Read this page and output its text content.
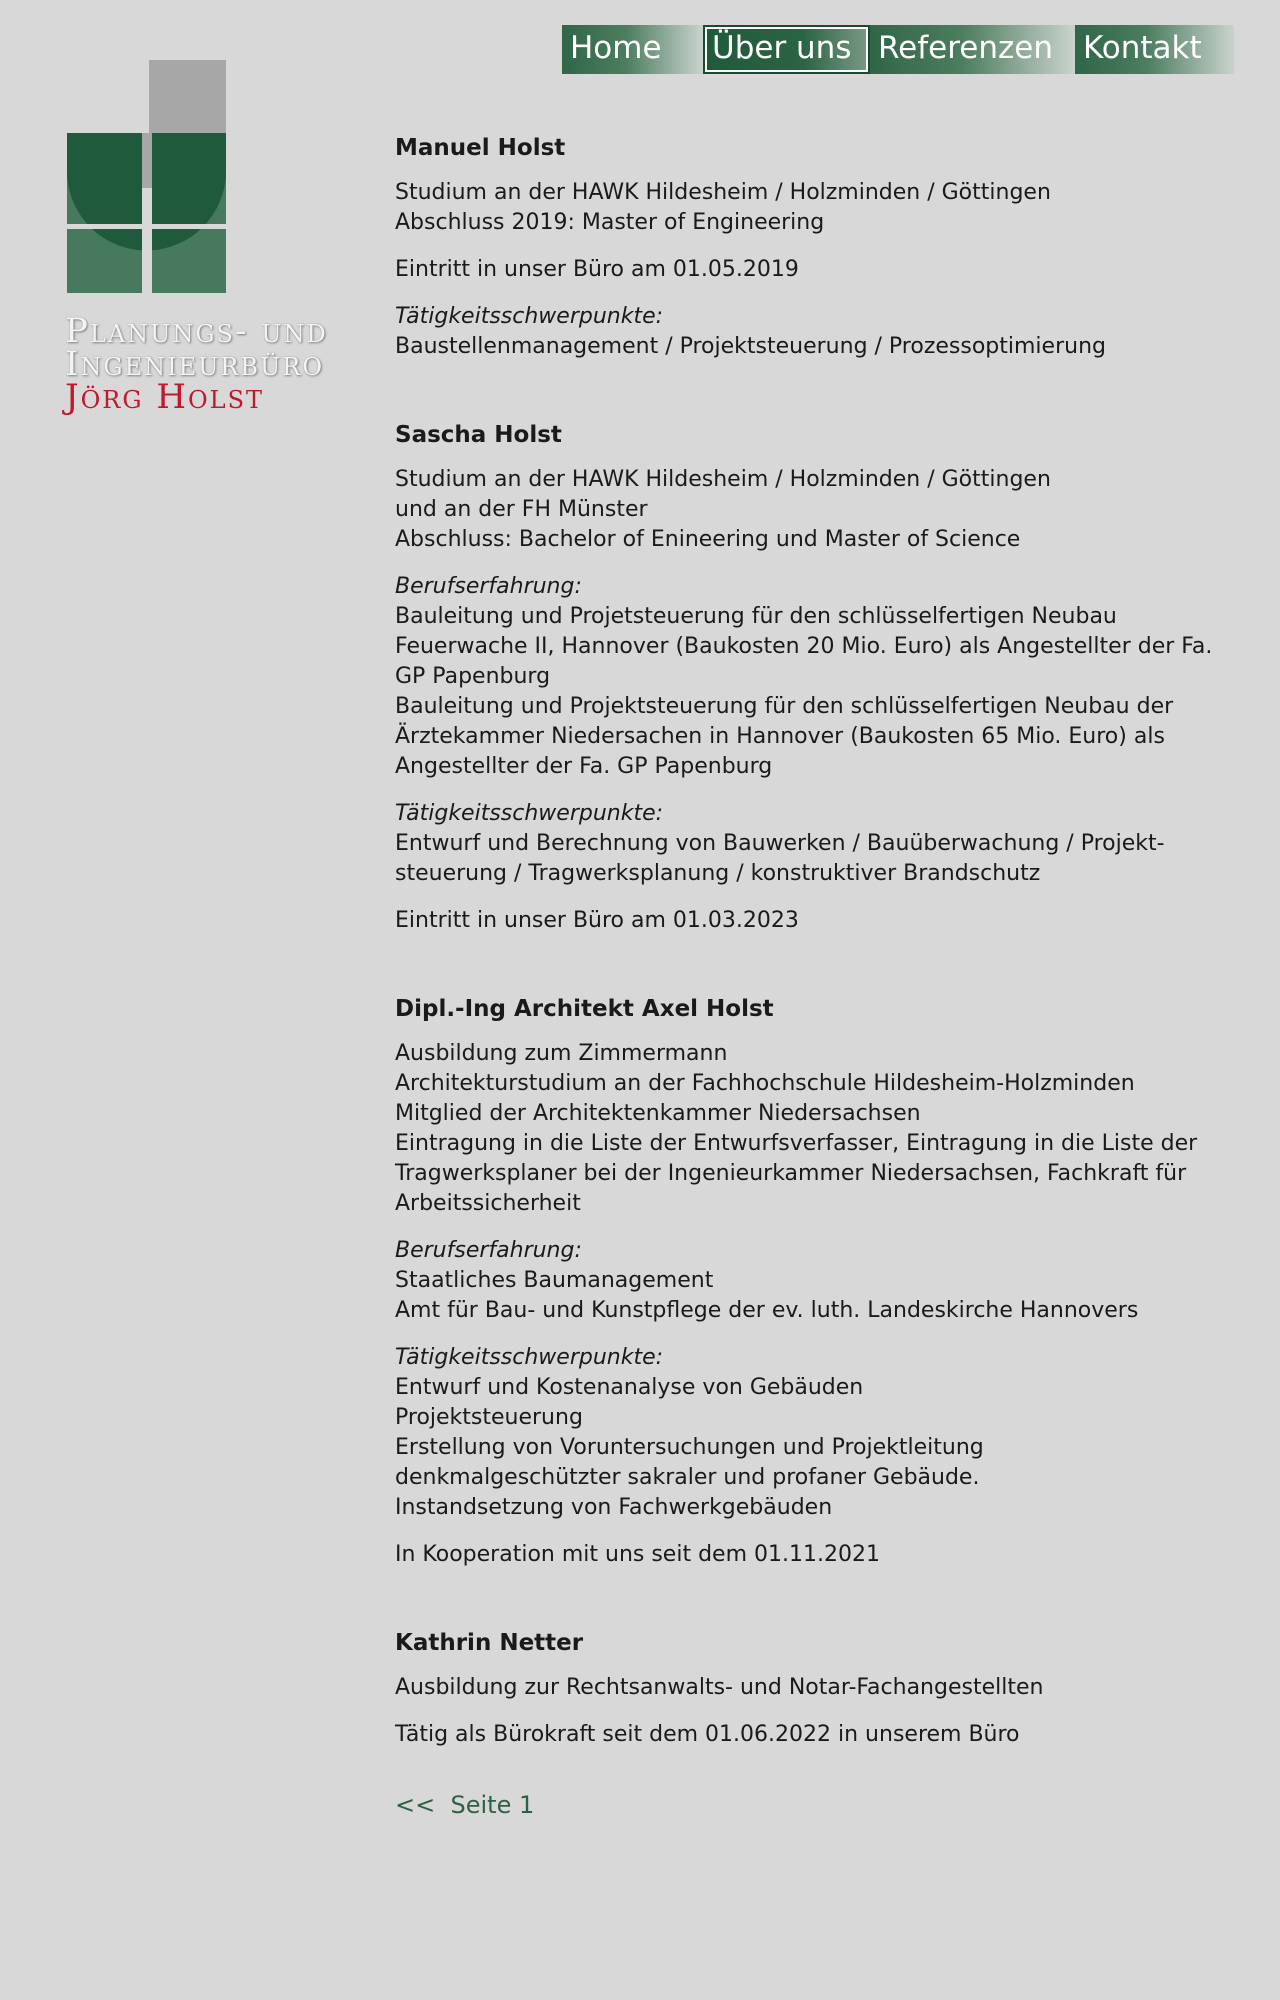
Home	Über uns Referenzen Kontakt
Planungs- und
Ingenieurbüro
Jörg Holst
Manuel Holst

Studium an der HAWK Hildesheim / Holzminden / Göttingen
Abschluss 2019: Master of Engineering

Eintritt in unser Büro am 01.05.2019

Tätigkeitsschwerpunkte:
Baustellenmanagement / Projektsteuerung / Prozessoptimierung

Sascha Holst

Studium an der HAWK Hildesheim / Holzminden / Göttingen
und an der FH Münster
Abschluss: Bachelor of Enineering und Master of Science

Berufserfahrung:
Bauleitung und Projetsteuerung für den schlüsselfertigen Neubau Feuerwache II, Hannover (Baukosten 20 Mio. Euro) als Angestellter der Fa. GP Papenburg
Bauleitung und Projektsteuerung für den schlüsselfertigen Neubau der Ärztekammer Niedersachen in Hannover (Baukosten 65 Mio. Euro) als Angestellter der Fa. GP Papenburg

Tätigkeitsschwerpunkte:
Entwurf und Berechnung von Bauwerken / Bauüberwachung / Projekt-steuerung / Tragwerksplanung / konstruktiver Brandschutz

Eintritt in unser Büro am 01.03.2023

Dipl.-Ing Architekt Axel Holst

Ausbildung zum Zimmermann
Architekturstudium an der Fachhochschule Hildesheim-Holzminden
Mitglied der Architektenkammer Niedersachsen
Eintragung in die Liste der Entwurfsverfasser, Eintragung in die Liste der Tragwerksplaner bei der Ingenieurkammer Niedersachsen, Fachkraft für Arbeitssicherheit

Berufserfahrung:
Staatliches Baumanagement
Amt für Bau- und Kunstpflege der ev. luth. Landeskirche Hannovers

Tätigkeitsschwerpunkte:
Entwurf und Kostenanalyse von Gebäuden
Projektsteuerung
Erstellung von Voruntersuchungen und Projektleitung denkmalgeschützter sakraler und profaner Gebäude.
Instandsetzung von Fachwerkgebäuden

In Kooperation mit uns seit dem 01.11.2021

Kathrin Netter

Ausbildung zur Rechtsanwalts- und Notar-Fachangestellten

Tätig als Bürokraft seit dem 01.06.2022 in unserem Büro

<< Seite 1
